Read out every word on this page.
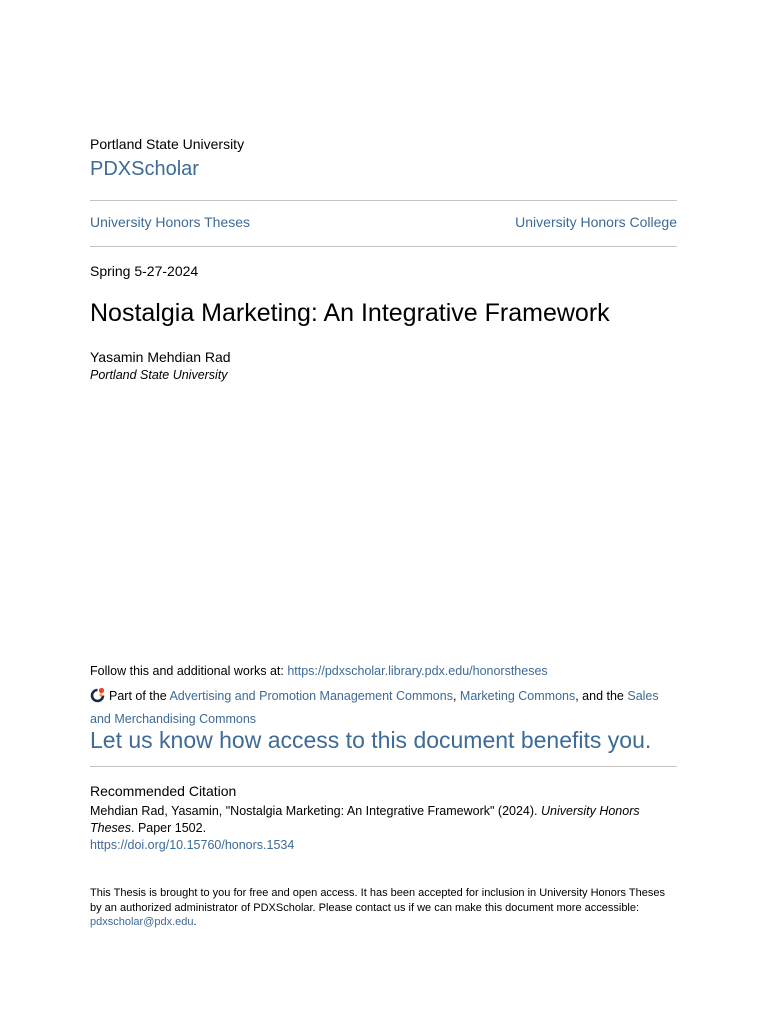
Portland State University
PDXScholar
University Honors Theses	University Honors College
Spring 5-27-2024
Nostalgia Marketing: An Integrative Framework
Yasamin Mehdian Rad
Portland State University
Follow this and additional works at: https://pdxscholar.library.pdx.edu/honorstheses
Part of the Advertising and Promotion Management Commons, Marketing Commons, and the Sales and Merchandising Commons
Let us know how access to this document benefits you.
Recommended Citation
Mehdian Rad, Yasamin, "Nostalgia Marketing: An Integrative Framework" (2024). University Honors Theses. Paper 1502.
https://doi.org/10.15760/honors.1534
This Thesis is brought to you for free and open access. It has been accepted for inclusion in University Honors Theses by an authorized administrator of PDXScholar. Please contact us if we can make this document more accessible: pdxscholar@pdx.edu.
